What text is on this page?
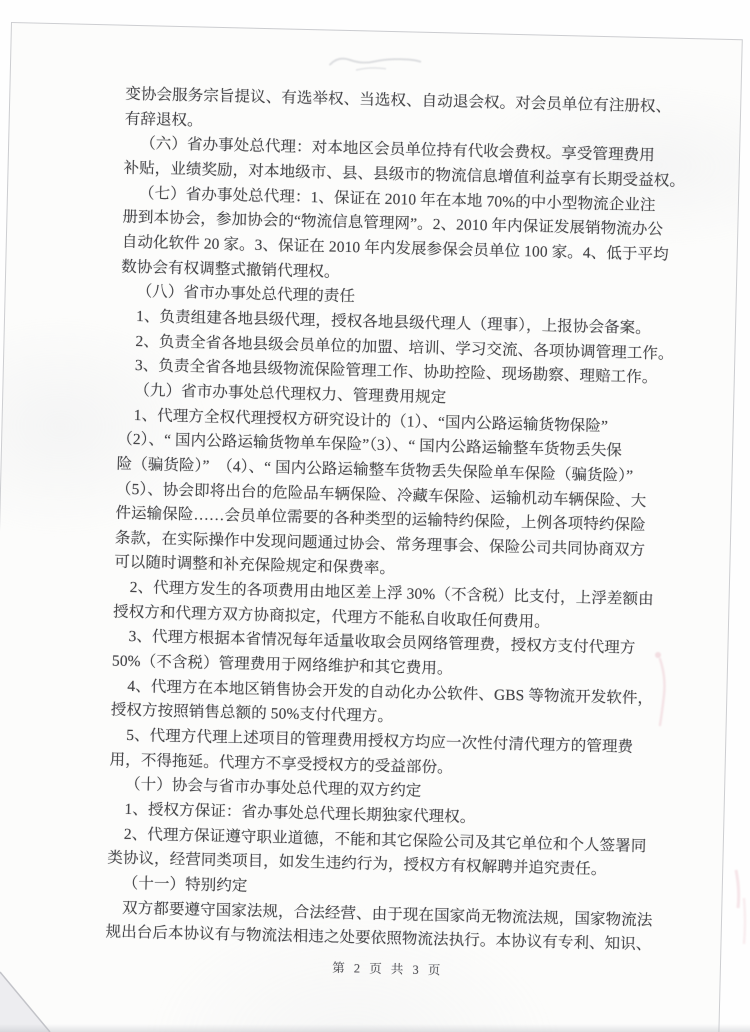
变协会服务宗旨提议、有选举权、当选权、自动退会权。对会员单位有注册权、
有辞退权。
（六）省办事处总代理：对本地区会员单位持有代收会费权。享受管理费用
补贴，业绩奖励，对本地级市、县、县级市的物流信息增值利益享有长期受益权。
（七）省办事处总代理：1、保证在 2010 年在本地 70%的中小型物流企业注
册到本协会，参加协会的“物流信息管理网”。2、2010 年内保证发展销物流办公
自动化软件 20 家。3、保证在 2010 年内发展参保会员单位 100 家。4、低于平均
数协会有权调整式撤销代理权。
（八）省市办事处总代理的责任
1、负责组建各地县级代理，授权各地县级代理人（理事），上报协会备案。
2、负责全省各地县级会员单位的加盟、培训、学习交流、各项协调管理工作。
3、负责全省各地县级物流保险管理工作、协助控险、现场勘察、理赔工作。
（九）省市办事处总代理权力、管理费用规定
1、代理方全权代理授权方研究设计的（1）、“国内公路运输货物保险”
（2）、“ 国内公路运输货物单车保险”（3）、“ 国内公路运输整车货物丢失保
险（骗货险）”　（4）、“ 国内公路运输整车货物丢失保险单车保险（骗货险）”
（5）、协会即将出台的危险品车辆保险、冷藏车保险、运输机动车辆保险、大
件运输保险……会员单位需要的各种类型的运输特约保险，上例各项特约保险
条款，在实际操作中发现问题通过协会、常务理事会、保险公司共同协商双方
可以随时调整和补充保险规定和保费率。
2、代理方发生的各项费用由地区差上浮 30%（不含税）比支付，上浮差额由
授权方和代理方双方协商拟定，代理方不能私自收取任何费用。
3、代理方根据本省情况每年适量收取会员网络管理费，授权方支付代理方
50%（不含税）管理费用于网络维护和其它费用。
4、代理方在本地区销售协会开发的自动化办公软件、GBS 等物流开发软件，
授权方按照销售总额的 50%支付代理方。
5、代理方代理上述项目的管理费用授权方均应一次性付清代理方的管理费
用，不得拖延。代理方不享受授权方的受益部份。
（十）协会与省市办事处总代理的双方约定
1、授权方保证：省办事处总代理长期独家代理权。
2、代理方保证遵守职业道德，不能和其它保险公司及其它单位和个人签署同
类协议，经营同类项目，如发生违约行为，授权方有权解聘并追究责任。
（十一）特别约定
双方都要遵守国家法规，合法经营、由于现在国家尚无物流法规，国家物流法
规出台后本协议有与物流法相违之处要依照物流法执行。本协议有专利、知识、
第 2 页 共 3 页
